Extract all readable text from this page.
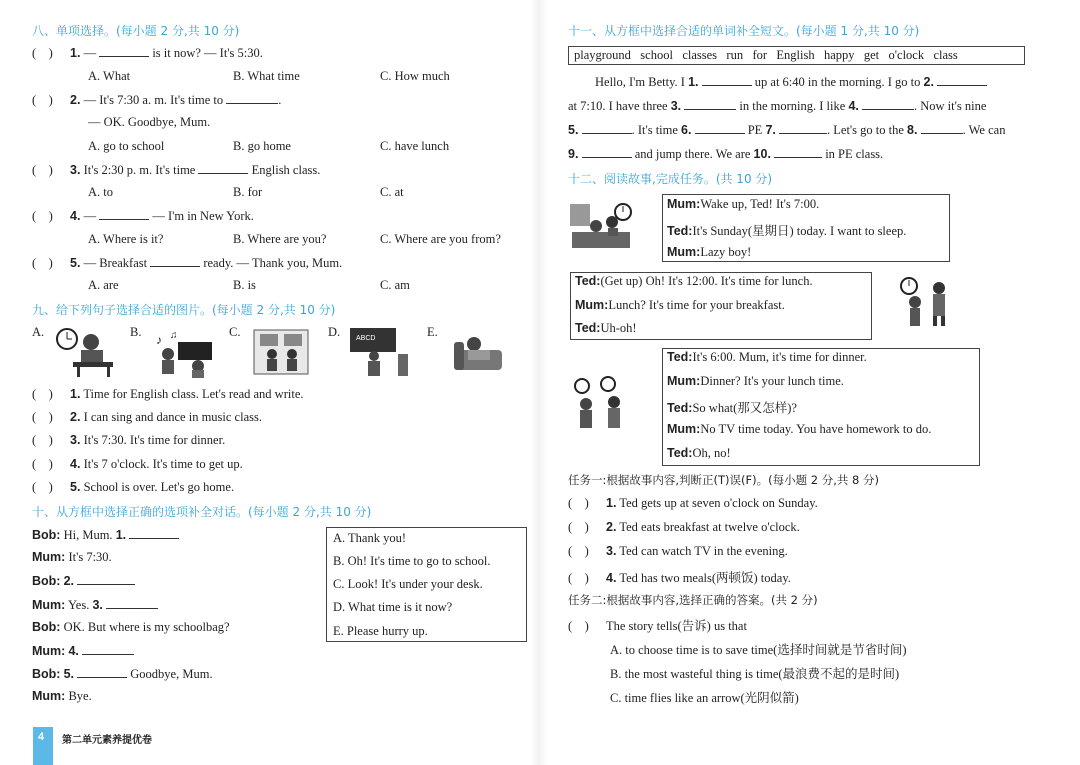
八、单项选择。(每小题 2 分,共 10 分)
(    ) 1. —	is it now? — It's 5:30.
A. What	B. What time	C. How much
(    ) 2. — It's 7:30 a. m. It's time to	.
— OK. Goodbye, Mum.
A. go to school	B. go home	C. have lunch
(    ) 3. It's 2:30 p. m. It's time	English class.
A. to	B. for	C. at
(    ) 4. —	— I'm in New York.
A. Where is it?	B. Where are you?	C. Where are you from?
(    ) 5. — Breakfast	ready. — Thank you, Mum.
A. are	B. is	C. am
九、给下列句子选择合适的图片。(每小题 2 分,共 10 分)
A.	B.	C.	D.	E.
♪ ♫	ABCD
(    ) 1. Time for English class. Let's read and write.
(    ) 2. I can sing and dance in music class.
(    ) 3. It's 7:30. It's time for dinner.
(    ) 4. It's 7 o'clock. It's time to get up.
(    ) 5. School is over. Let's go home.
十、从方框中选择正确的选项补全对话。(每小题 2 分,共 10 分)
Bob: Hi, Mum. 1.
Mum: It's 7:30.
Bob: 2.
Mum: Yes. 3.
Bob: OK. But where is my schoolbag?
Mum: 4.
Bob: 5.	Goodbye, Mum.
Mum: Bye.
A. Thank you!
B. Oh! It's time to go to school.
C. Look! It's under your desk.
D. What time is it now?
E. Please hurry up.
4 第二单元素养提优卷
十一、从方框中选择合适的单词补全短文。(每小题 1 分,共 10 分)
playground   school   classes   run   for   English   happy   get   o'clock   class
Hello, I'm Betty. I 1.	up at 6:40 in the morning. I go to 2.
at 7:10. I have three 3.	in the morning. I like 4.	. Now it's nine
5.	. It's time 6.	PE 7.	. Let's go to the 8.	. We can
9.	and jump there. We are 10.	in PE class.
十二、阅读故事,完成任务。(共 10 分)
Mum:Wake up, Ted! It's 7:00.
Ted:It's Sunday(星期日) today. I want to sleep.
Mum:Lazy boy!
Ted:(Get up) Oh! It's 12:00. It's time for lunch.
Mum:Lunch? It's time for your breakfast.
Ted:Uh-oh!
Ted:It's 6:00. Mum, it's time for dinner.
Mum:Dinner? It's your lunch time.
Ted:So what(那又怎样)?
Mum:No TV time today. You have homework to do.
Ted:Oh, no!
任务一:根据故事内容,判断正(T)误(F)。(每小题 2 分,共 8 分)
(    ) 1. Ted gets up at seven o'clock on Sunday.
(    ) 2. Ted eats breakfast at twelve o'clock.
(    ) 3. Ted can watch TV in the evening.
(    ) 4. Ted has two meals(两顿饭) today.
任务二:根据故事内容,选择正确的答案。(共 2 分)
(    ) The story tells(告诉) us that
A. to choose time is to save time(选择时间就是节省时间)
B. the most wasteful thing is time(最浪费不起的是时间)
C. time flies like an arrow(光阴似箭)
